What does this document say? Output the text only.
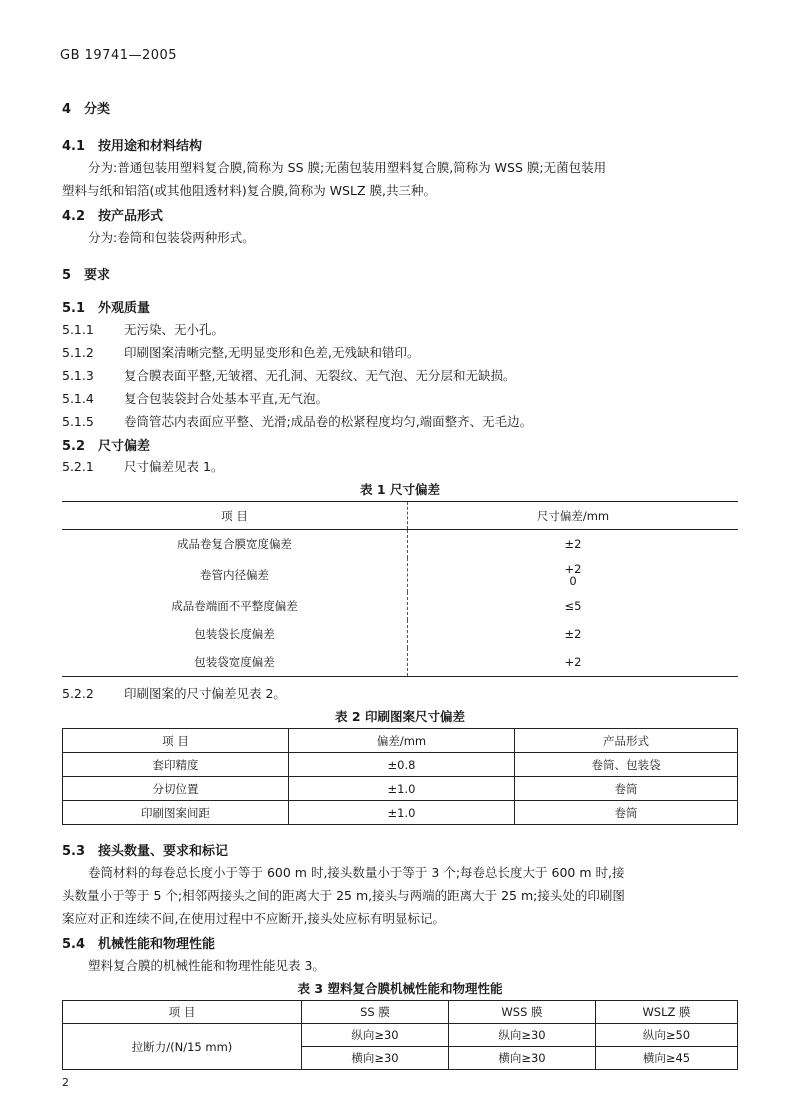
GB 19741—2005
4 分类
4.1 按用途和材料结构
分为:普通包装用塑料复合膜,简称为 SS 膜;无菌包装用塑料复合膜,简称为 WSS 膜;无菌包装用
塑料与纸和铝箔(或其他阻透材料)复合膜,简称为 WSLZ 膜,共三种。
4.2 按产品形式
分为:卷筒和包装袋两种形式。
5 要求
5.1 外观质量
5.1.1 无污染、无小孔。
5.1.2 印刷图案清晰完整,无明显变形和色差,无残缺和错印。
5.1.3 复合膜表面平整,无皱褶、无孔洞、无裂纹、无气泡、无分层和无缺损。
5.1.4 复合包装袋封合处基本平直,无气泡。
5.1.5 卷筒管芯内表面应平整、光滑;成品卷的松紧程度均匀,端面整齐、无毛边。
5.2 尺寸偏差
5.2.1 尺寸偏差见表 1。
表 1 尺寸偏差
项 目	尺寸偏差/mm
成品卷复合膜宽度偏差	±2
卷管内径偏差	+2
0

成品卷端面不平整度偏差	≤5
包装袋长度偏差	±2
包装袋宽度偏差	+2
5.2.2 印刷图案的尺寸偏差见表 2。
表 2 印刷图案尺寸偏差
项 目	偏差/mm	产品形式
套印精度	±0.8	卷筒、包装袋
分切位置	±1.0	卷筒
印刷图案间距	±1.0	卷筒
5.3 接头数量、要求和标记
卷筒材料的每卷总长度小于等于 600 m 时,接头数量小于等于 3 个;每卷总长度大于 600 m 时,接
头数量小于等于 5 个;相邻两接头之间的距离大于 25 m,接头与两端的距离大于 25 m;接头处的印刷图
案应对正和连续不间,在使用过程中不应断开,接头处应标有明显标记。
5.4 机械性能和物理性能
塑料复合膜的机械性能和物理性能见表 3。
表 3 塑料复合膜机械性能和物理性能
项 目	SS 膜	WSS 膜	WSLZ 膜
拉断力/(N/15 mm)	纵向≥30	纵向≥30	纵向≥50
	横向≥30	横向≥30	横向≥45
2
